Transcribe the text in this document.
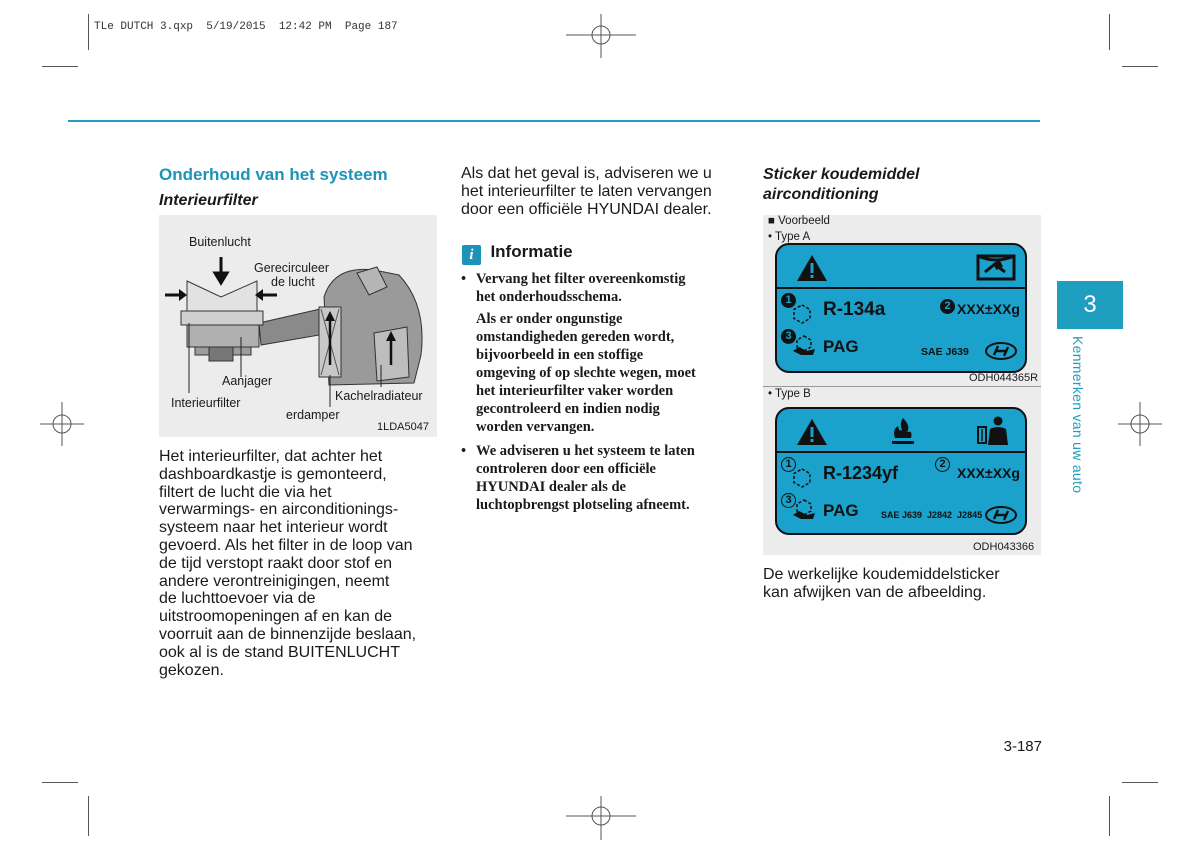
TLe DUTCH 3.qxp  5/19/2015  12:42 PM  Page 187
Onderhoud van het systeem
Interieurfilter
Buitenlucht
Gerecirculeer
de lucht
Aanjager
Kachelradiateur
Interieurfilter
erdamper
1LDA5047
Het interieurfilter, dat achter het
dashboardkastje is gemonteerd,
filtert de lucht die via het
verwarmings- en airconditionings-
systeem naar het interieur wordt
gevoerd. Als het filter in de loop van
de tijd verstopt raakt door stof en
andere verontreinigingen, neemt
de luchttoevoer via de
uitstroomopeningen af en kan de
voorruit aan de binnenzijde beslaan,
ook al is de stand BUITENLUCHT
gekozen.
Als dat het geval is, adviseren we u
het interieurfilter te laten vervangen
door een officiële HYUNDAI dealer.
i Informatie
• Vervang het filter overeenkomstig
het onderhoudsschema.
Als er onder ongunstige
omstandigheden gereden wordt,
bijvoorbeeld in een stoffige
omgeving of op slechte wegen, moet
het interieurfilter vaker worden
gecontroleerd en indien nodig
worden vervangen.
• We adviseren u het systeem te laten
controleren door een officiële
HYUNDAI dealer als de
luchtopbrengst plotseling afneemt.
Sticker koudemiddel
airconditioning
■ Voorbeeld
• Type A
1 R-134a	2 XXX±XXg
3
PAG	SAE J639
ODH044365R
• Type B
1 R-1234yf	2
XXX±XXg
3
PAG SAE J639  J2842  J2845
ODH043366
De werkelijke koudemiddelsticker
kan afwijken van de afbeelding.
3
Kenmerken van uw auto
3-187
